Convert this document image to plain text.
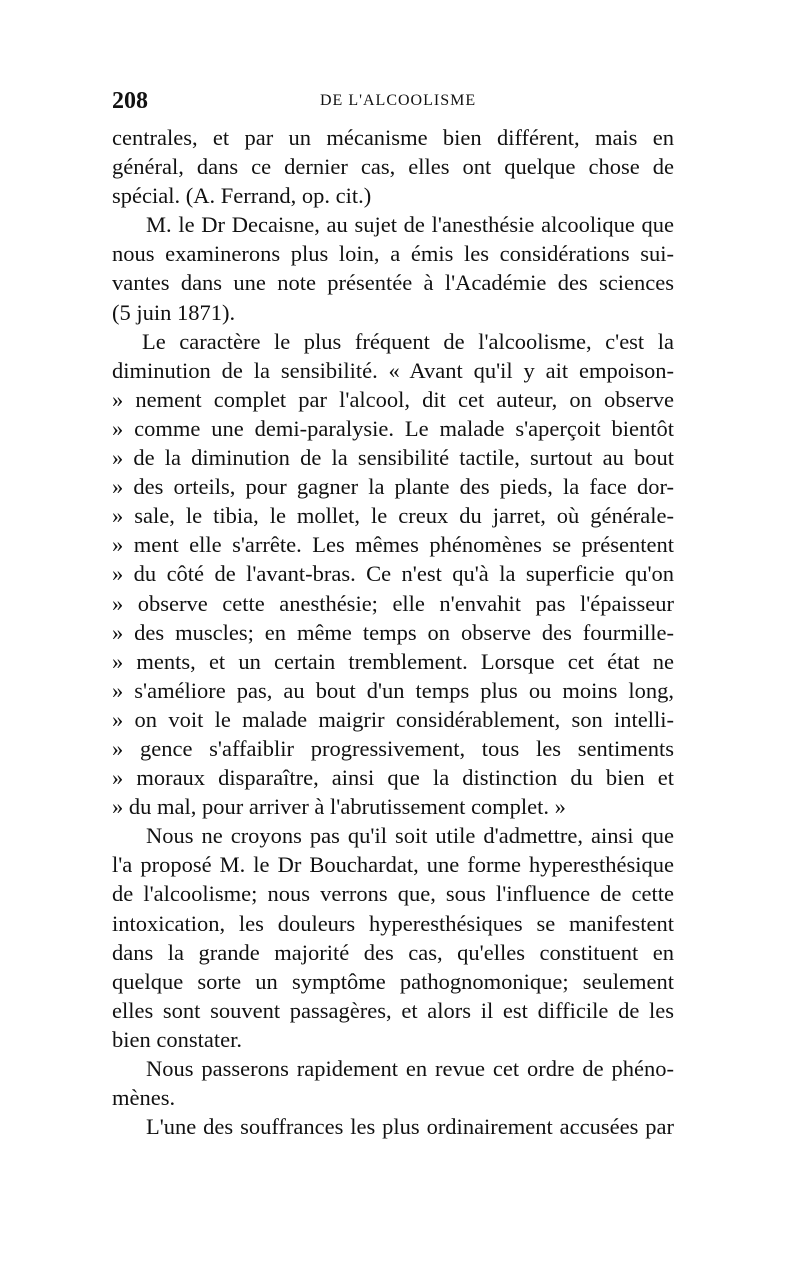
208	DE L'ALCOOLISME
centrales, et par un mécanisme bien différent, mais en
général, dans ce dernier cas, elles ont quelque chose de
spécial. (A. Ferrand, op. cit.)
M. le Dr Decaisne, au sujet de l'anesthésie alcoolique que
nous examinerons plus loin, a émis les considérations sui-
vantes dans une note présentée à l'Académie des sciences
(5 juin 1871).
Le caractère le plus fréquent de l'alcoolisme, c'est la
diminution de la sensibilité. « Avant qu'il y ait empoison-
» nement complet par l'alcool, dit cet auteur, on observe
» comme une demi-paralysie. Le malade s'aperçoit bientôt
» de la diminution de la sensibilité tactile, surtout au bout
» des orteils, pour gagner la plante des pieds, la face dor-
» sale, le tibia, le mollet, le creux du jarret, où générale-
» ment elle s'arrête. Les mêmes phénomènes se présentent
» du côté de l'avant-bras. Ce n'est qu'à la superficie qu'on
» observe cette anesthésie; elle n'envahit pas l'épaisseur
» des muscles; en même temps on observe des fourmille-
» ments, et un certain tremblement. Lorsque cet état ne
» s'améliore pas, au bout d'un temps plus ou moins long,
» on voit le malade maigrir considérablement, son intelli-
» gence s'affaiblir progressivement, tous les sentiments
» moraux disparaître, ainsi que la distinction du bien et
» du mal, pour arriver à l'abrutissement complet. »
Nous ne croyons pas qu'il soit utile d'admettre, ainsi que
l'a proposé M. le Dr Bouchardat, une forme hyperesthésique
de l'alcoolisme; nous verrons que, sous l'influence de cette
intoxication, les douleurs hyperesthésiques se manifestent
dans la grande majorité des cas, qu'elles constituent en
quelque sorte un symptôme pathognomonique; seulement
elles sont souvent passagères, et alors il est difficile de les
bien constater.
Nous passerons rapidement en revue cet ordre de phéno-
mènes.
L'une des souffrances les plus ordinairement accusées par
